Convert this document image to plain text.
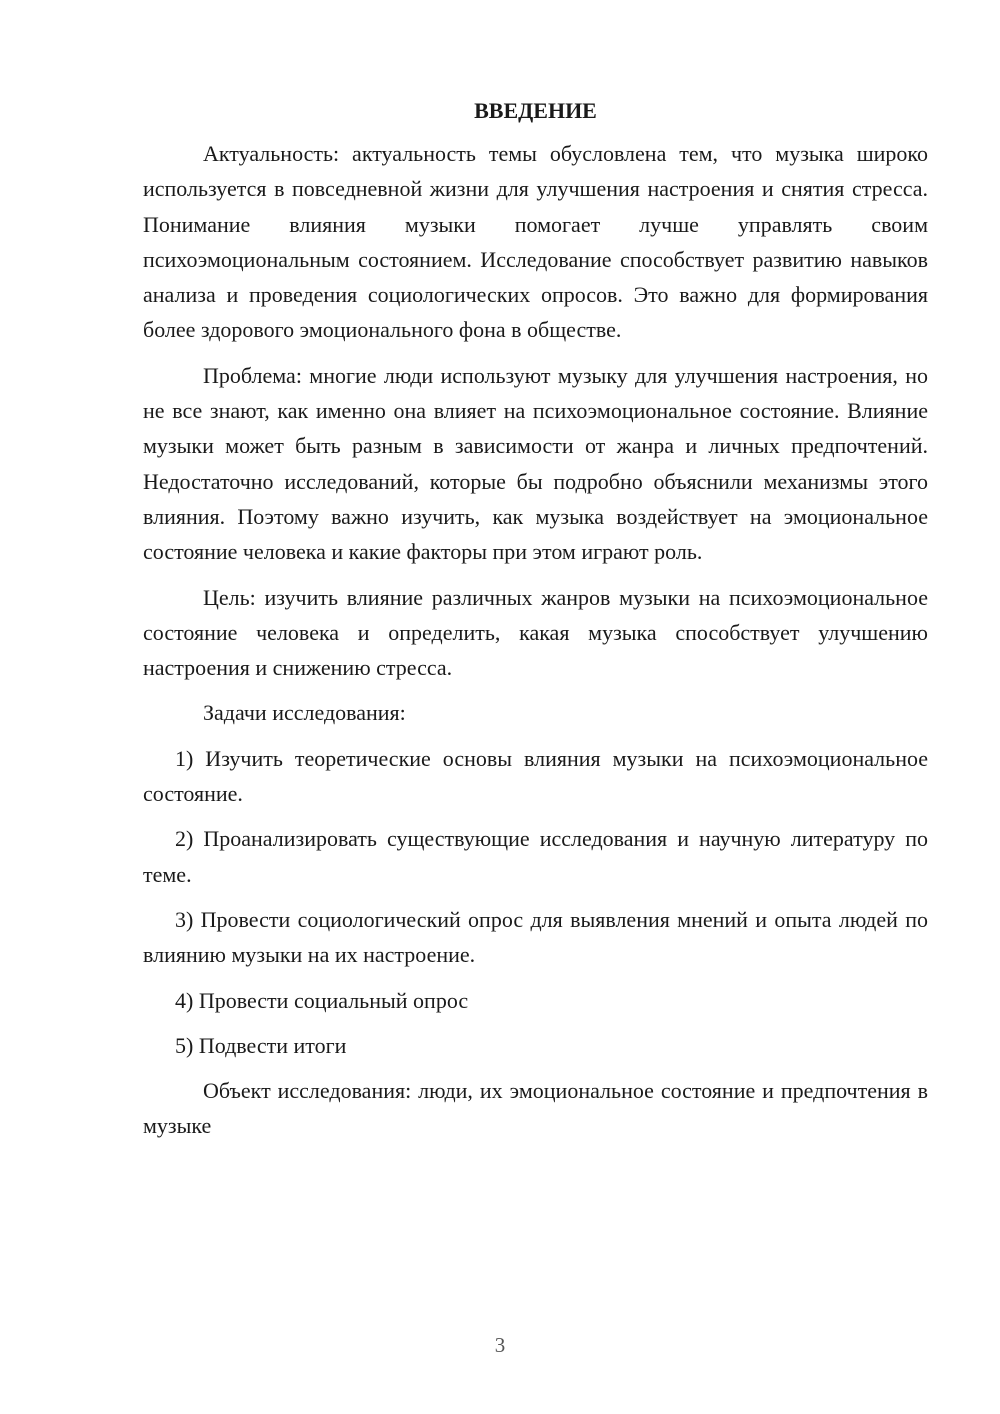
ВВЕДЕНИЕ

Актуальность: актуальность темы обусловлена тем, что музыка широко используется в повседневной жизни для улучшения настроения и снятия стресса. Понимание влияния музыки помогает лучше управлять своим психоэмоциональным состоянием. Исследование способствует развитию навыков анализа и проведения социологических опросов. Это важно для формирования более здорового эмоционального фона в обществе.

Проблема: многие люди используют музыку для улучшения настроения, но не все знают, как именно она влияет на психоэмоциональное состояние. Влияние музыки может быть разным в зависимости от жанра и личных предпочтений. Недостаточно исследований, которые бы подробно объяснили механизмы этого влияния. Поэтому важно изучить, как музыка воздействует на эмоциональное состояние человека и какие факторы при этом играют роль.

Цель: изучить влияние различных жанров музыки на психоэмоциональное состояние человека и определить, какая музыка способствует улучшению настроения и снижению стресса.

Задачи исследования:

1) Изучить теоретические основы влияния музыки на психоэмоциональное состояние.

2) Проанализировать существующие исследования и научную литературу по теме.

3) Провести социологический опрос для выявления мнений и опыта людей по влиянию музыки на их настроение.

4) Провести социальный опрос

5) Подвести итоги

Объект исследования: люди, их эмоциональное состояние и предпочтения в музыке

3
